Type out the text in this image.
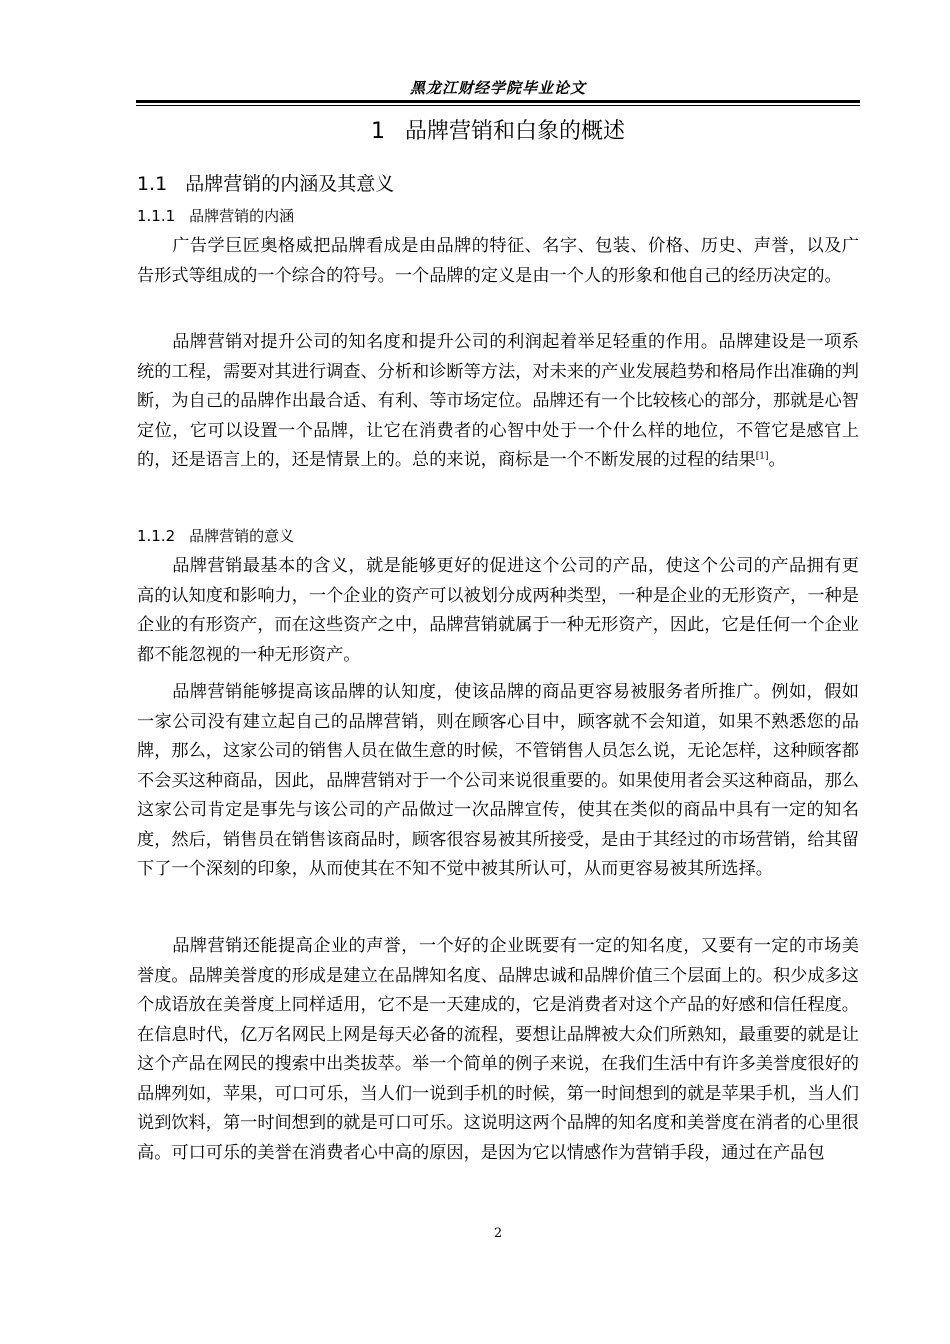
黑龙江财经学院毕业论文
1 品牌营销和白象的概述
1.1 品牌营销的内涵及其意义
1.1.1 品牌营销的内涵

广告学巨匠奥格威把品牌看成是由品牌的特征、名字、包装、价格、历史、声誉，以及广告形式等组成的一个综合的符号。一个品牌的定义是由一个人的形象和他自己的经历决定的。

品牌营销对提升公司的知名度和提升公司的利润起着举足轻重的作用。品牌建设是一项系统的工程，需要对其进行调查、分析和诊断等方法，对未来的产业发展趋势和格局作出准确的判断，为自己的品牌作出最合适、有利、等市场定位。品牌还有一个比较核心的部分，那就是心智定位，它可以设置一个品牌，让它在消费者的心智中处于一个什么样的地位，不管它是感官上的，还是语言上的，还是情景上的。总的来说，商标是一个不断发展的过程的结果[1]。

1.1.2 品牌营销的意义

品牌营销最基本的含义，就是能够更好的促进这个公司的产品，使这个公司的产品拥有更高的认知度和影响力，一个企业的资产可以被划分成两种类型，一种是企业的无形资产，一种是企业的有形资产，而在这些资产之中，品牌营销就属于一种无形资产，因此，它是任何一个企业都不能忽视的一种无形资产。

品牌营销能够提高该品牌的认知度，使该品牌的商品更容易被服务者所推广。例如，假如一家公司没有建立起自己的品牌营销，则在顾客心目中，顾客就不会知道，如果不熟悉您的品牌，那么，这家公司的销售人员在做生意的时候，不管销售人员怎么说，无论怎样，这种顾客都不会买这种商品，因此，品牌营销对于一个公司来说很重要的。如果使用者会买这种商品，那么这家公司肯定是事先与该公司的产品做过一次品牌宣传，使其在类似的商品中具有一定的知名度，然后，销售员在销售该商品时，顾客很容易被其所接受，是由于其经过的市场营销，给其留下了一个深刻的印象，从而使其在不知不觉中被其所认可，从而更容易被其所选择。

品牌营销还能提高企业的声誉，一个好的企业既要有一定的知名度，又要有一定的市场美誉度。品牌美誉度的形成是建立在品牌知名度、品牌忠诚和品牌价值三个层面上的。积少成多这个成语放在美誉度上同样适用，它不是一天建成的，它是消费者对这个产品的好感和信任程度。在信息时代，亿万名网民上网是每天必备的流程，要想让品牌被大众们所熟知，最重要的就是让这个产品在网民的搜索中出类拔萃。举一个简单的例子来说，在我们生活中有许多美誉度很好的品牌列如，苹果，可口可乐，当人们一说到手机的时候，第一时间想到的就是苹果手机，当人们说到饮料，第一时间想到的就是可口可乐。这说明这两个品牌的知名度和美誉度在消者的心里很高。可口可乐的美誉在消费者心中高的原因，是因为它以情感作为营销手段，通过在产品包

2
